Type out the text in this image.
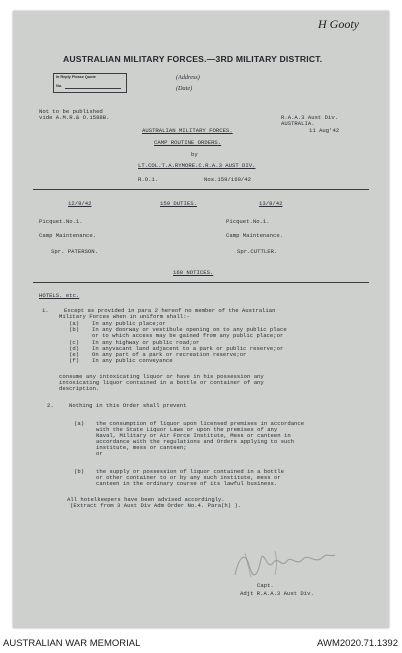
H Gooty
AUSTRALIAN MILITARY FORCES.—3RD MILITARY DISTRICT.
In Reply Please Quote
No.
(Address)
(Date)
Not to be published
vide A.M.R.& O.1588B.	R.A.A.3 Aust Div.
AUSTRALIA.
11 Aug'42
AUSTRALIAN MILITARY FORCES.
CAMP ROUTINE ORDERS.
by
LT.COL.T.A.RYMORE.C.R.A.3 AUST DIV.
R.O.1.	Nos.159/160/42
12/8/42	159 DUTIES.	13/8/42
Picquet.No.1.	Picquet.No.1.
Camp Maintenance.	Camp Maintenance.
Spr. PATERSON.	Spr.CUTTLER.
160 NOTICES.
HOTELS. etc.
1.	Except as provided in para 2 hereof no member of the Australian
Military Forces when in uniform shall:-
(a) In any public place;or
(b) In any doorway or vestibule opening on to any public place
or to which access may be gained from any public place;or
(c) In any highway or public road;or
(d) In anyvacant land adjacent to a park or public reserve;or
(e) On any part of a park or recreation reserve;or
(f) In any public conveyance
consume any intoxicating liquor or have in his possession any
intoxicating liquor contained in a bottle or container of any
description.
2.	Nothing in this Order shall prevent
(a) the consumption of liquor upon licensed premises in accordance
with the State Liquor Laws or upon the premises of any
Naval, Military or Air Force Institute, Mess or canteen in
accordance with the regulations and Orders applying to such
institute, mess or canteen;
or
(b) the supply or possession of liquor contained in a bottle
or other container to or by any such institute, mess or
canteen in the ordinary course of its lawful business.
All hotelkeepers have been advised accordingly.
(Extract from 3 Aust Div Adm Order No.4. Para(h) ).
Capt.
Adjt R.A.A.3 Aust Div.
AUSTRALIAN WAR MEMORIAL	AWM2020.71.1392
